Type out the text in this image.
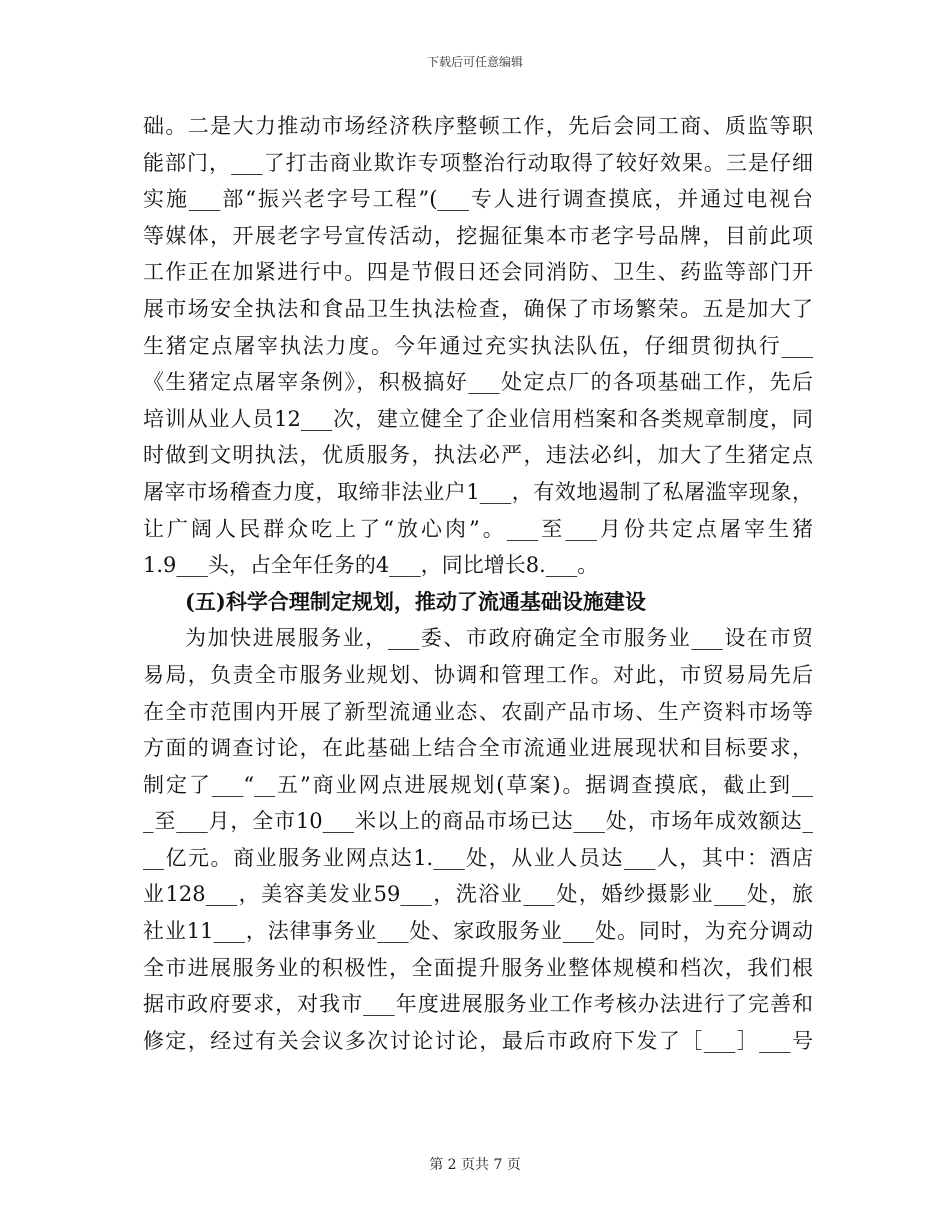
下载后可任意编辑
础。二是大力推动市场经济秩序整顿工作，先后会同工商、质监等职
能部门，___了打击商业欺诈专项整治行动取得了较好效果。三是仔细
实施___部“振兴老字号工程”(___专人进行调查摸底，并通过电视台
等媒体，开展老字号宣传活动，挖掘征集本市老字号品牌，目前此项
工作正在加紧进行中。四是节假日还会同消防、卫生、药监等部门开
展市场安全执法和食品卫生执法检查，确保了市场繁荣。五是加大了
生猪定点屠宰执法力度。今年通过充实执法队伍，仔细贯彻执行___
《生猪定点屠宰条例》，积极搞好___处定点厂的各项基础工作，先后
培训从业人员12___次，建立健全了企业信用档案和各类规章制度，同
时做到文明执法，优质服务，执法必严，违法必纠，加大了生猪定点
屠宰市场稽查力度，取缔非法业户1___，有效地遏制了私屠滥宰现象，
让广阔人民群众吃上了“放心肉”。___至___月份共定点屠宰生猪
1.9___头，占全年任务的4___，同比增长8.___。
(五)科学合理制定规划，推动了流通基础设施建设
为加快进展服务业，___委、市政府确定全市服务业___设在市贸
易局，负责全市服务业规划、协调和管理工作。对此，市贸易局先后
在全市范围内开展了新型流通业态、农副产品市场、生产资料市场等
方面的调查讨论，在此基础上结合全市流通业进展现状和目标要求，
制定了___“__五”商业网点进展规划(草案)。据调查摸底，截止到__
_至___月，全市10___米以上的商品市场已达___处，市场年成效额达_
__亿元。商业服务业网点达1.___处，从业人员达___人，其中：酒店
业128___，美容美发业59___，洗浴业___处，婚纱摄影业___处，旅
社业11___，法律事务业___处、家政服务业___处。同时，为充分调动
全市进展服务业的积极性，全面提升服务业整体规模和档次，我们根
据市政府要求，对我市___年度进展服务业工作考核办法进行了完善和
修定，经过有关会议多次讨论讨论，最后市政府下发了［___］___号
第 2 页共 7 页
